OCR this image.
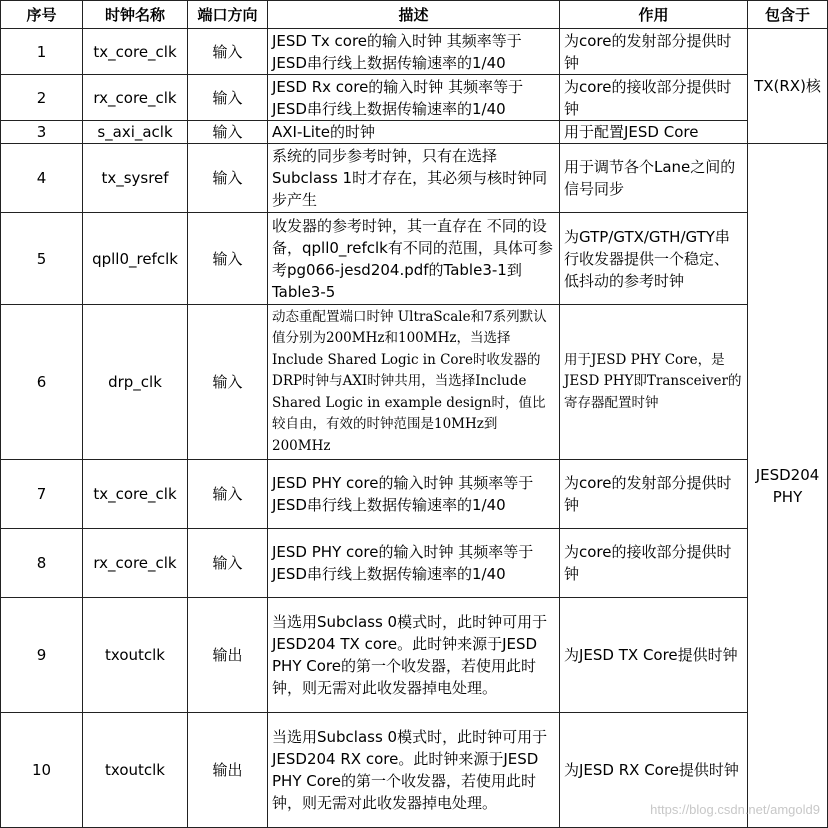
序号	时钟名称	端口方向	描述	作用	包含于
1	tx_core_clk	输入	JESD Tx core的输入时钟 其频率等于JESD串行线上数据传输速率的1/40	为core的发射部分提供时钟	TX(RX)核
2	rx_core_clk	输入	JESD Rx core的输入时钟 其频率等于JESD串行线上数据传输速率的1/40	为core的接收部分提供时钟	
3	s_axi_aclk	输入	AXI-Lite的时钟	用于配置JESD Core	
4	tx_sysref	输入	系统的同步参考时钟，只有在选择Subclass 1时才存在，其必须与核时钟同步产生	用于调节各个Lane之间的信号同步	JESD204 PHY
5	qpll0_refclk	输入	收发器的参考时钟，其一直存在 不同的设备，qpll0_refclk有不同的范围，具体可参考pg066-jesd204.pdf的Table3-1到Table3-5	为GTP/GTX/GTH/GTY串行收发器提供一个稳定、低抖动的参考时钟	
6	drp_clk	输入	动态重配置端口时钟 UltraScale和7系列默认值分别为200MHz和100MHz，当选择Include Shared Logic in Core时收发器的DRP时钟与AXI时钟共用，当选择Include Shared Logic in example design时，值比较自由，有效的时钟范围是10MHz到200MHz	用于JESD PHY Core，是JESD PHY即Transceiver的寄存器配置时钟	
7	tx_core_clk	输入	JESD PHY core的输入时钟 其频率等于JESD串行线上数据传输速率的1/40	为core的发射部分提供时钟	
8	rx_core_clk	输入	JESD PHY core的输入时钟 其频率等于JESD串行线上数据传输速率的1/40	为core的接收部分提供时钟	
9	txoutclk	输出	当选用Subclass 0模式时，此时钟可用于JESD204 TX core。此时钟来源于JESD PHY Core的第一个收发器，若使用此时钟，则无需对此收发器掉电处理。	为JESD TX Core提供时钟	
10	txoutclk	输出	当选用Subclass 0模式时，此时钟可用于JESD204 RX core。此时钟来源于JESD PHY Core的第一个收发器，若使用此时钟，则无需对此收发器掉电处理。	为JESD RX Core提供时钟	
https://blog.csdn.net/amgold9
